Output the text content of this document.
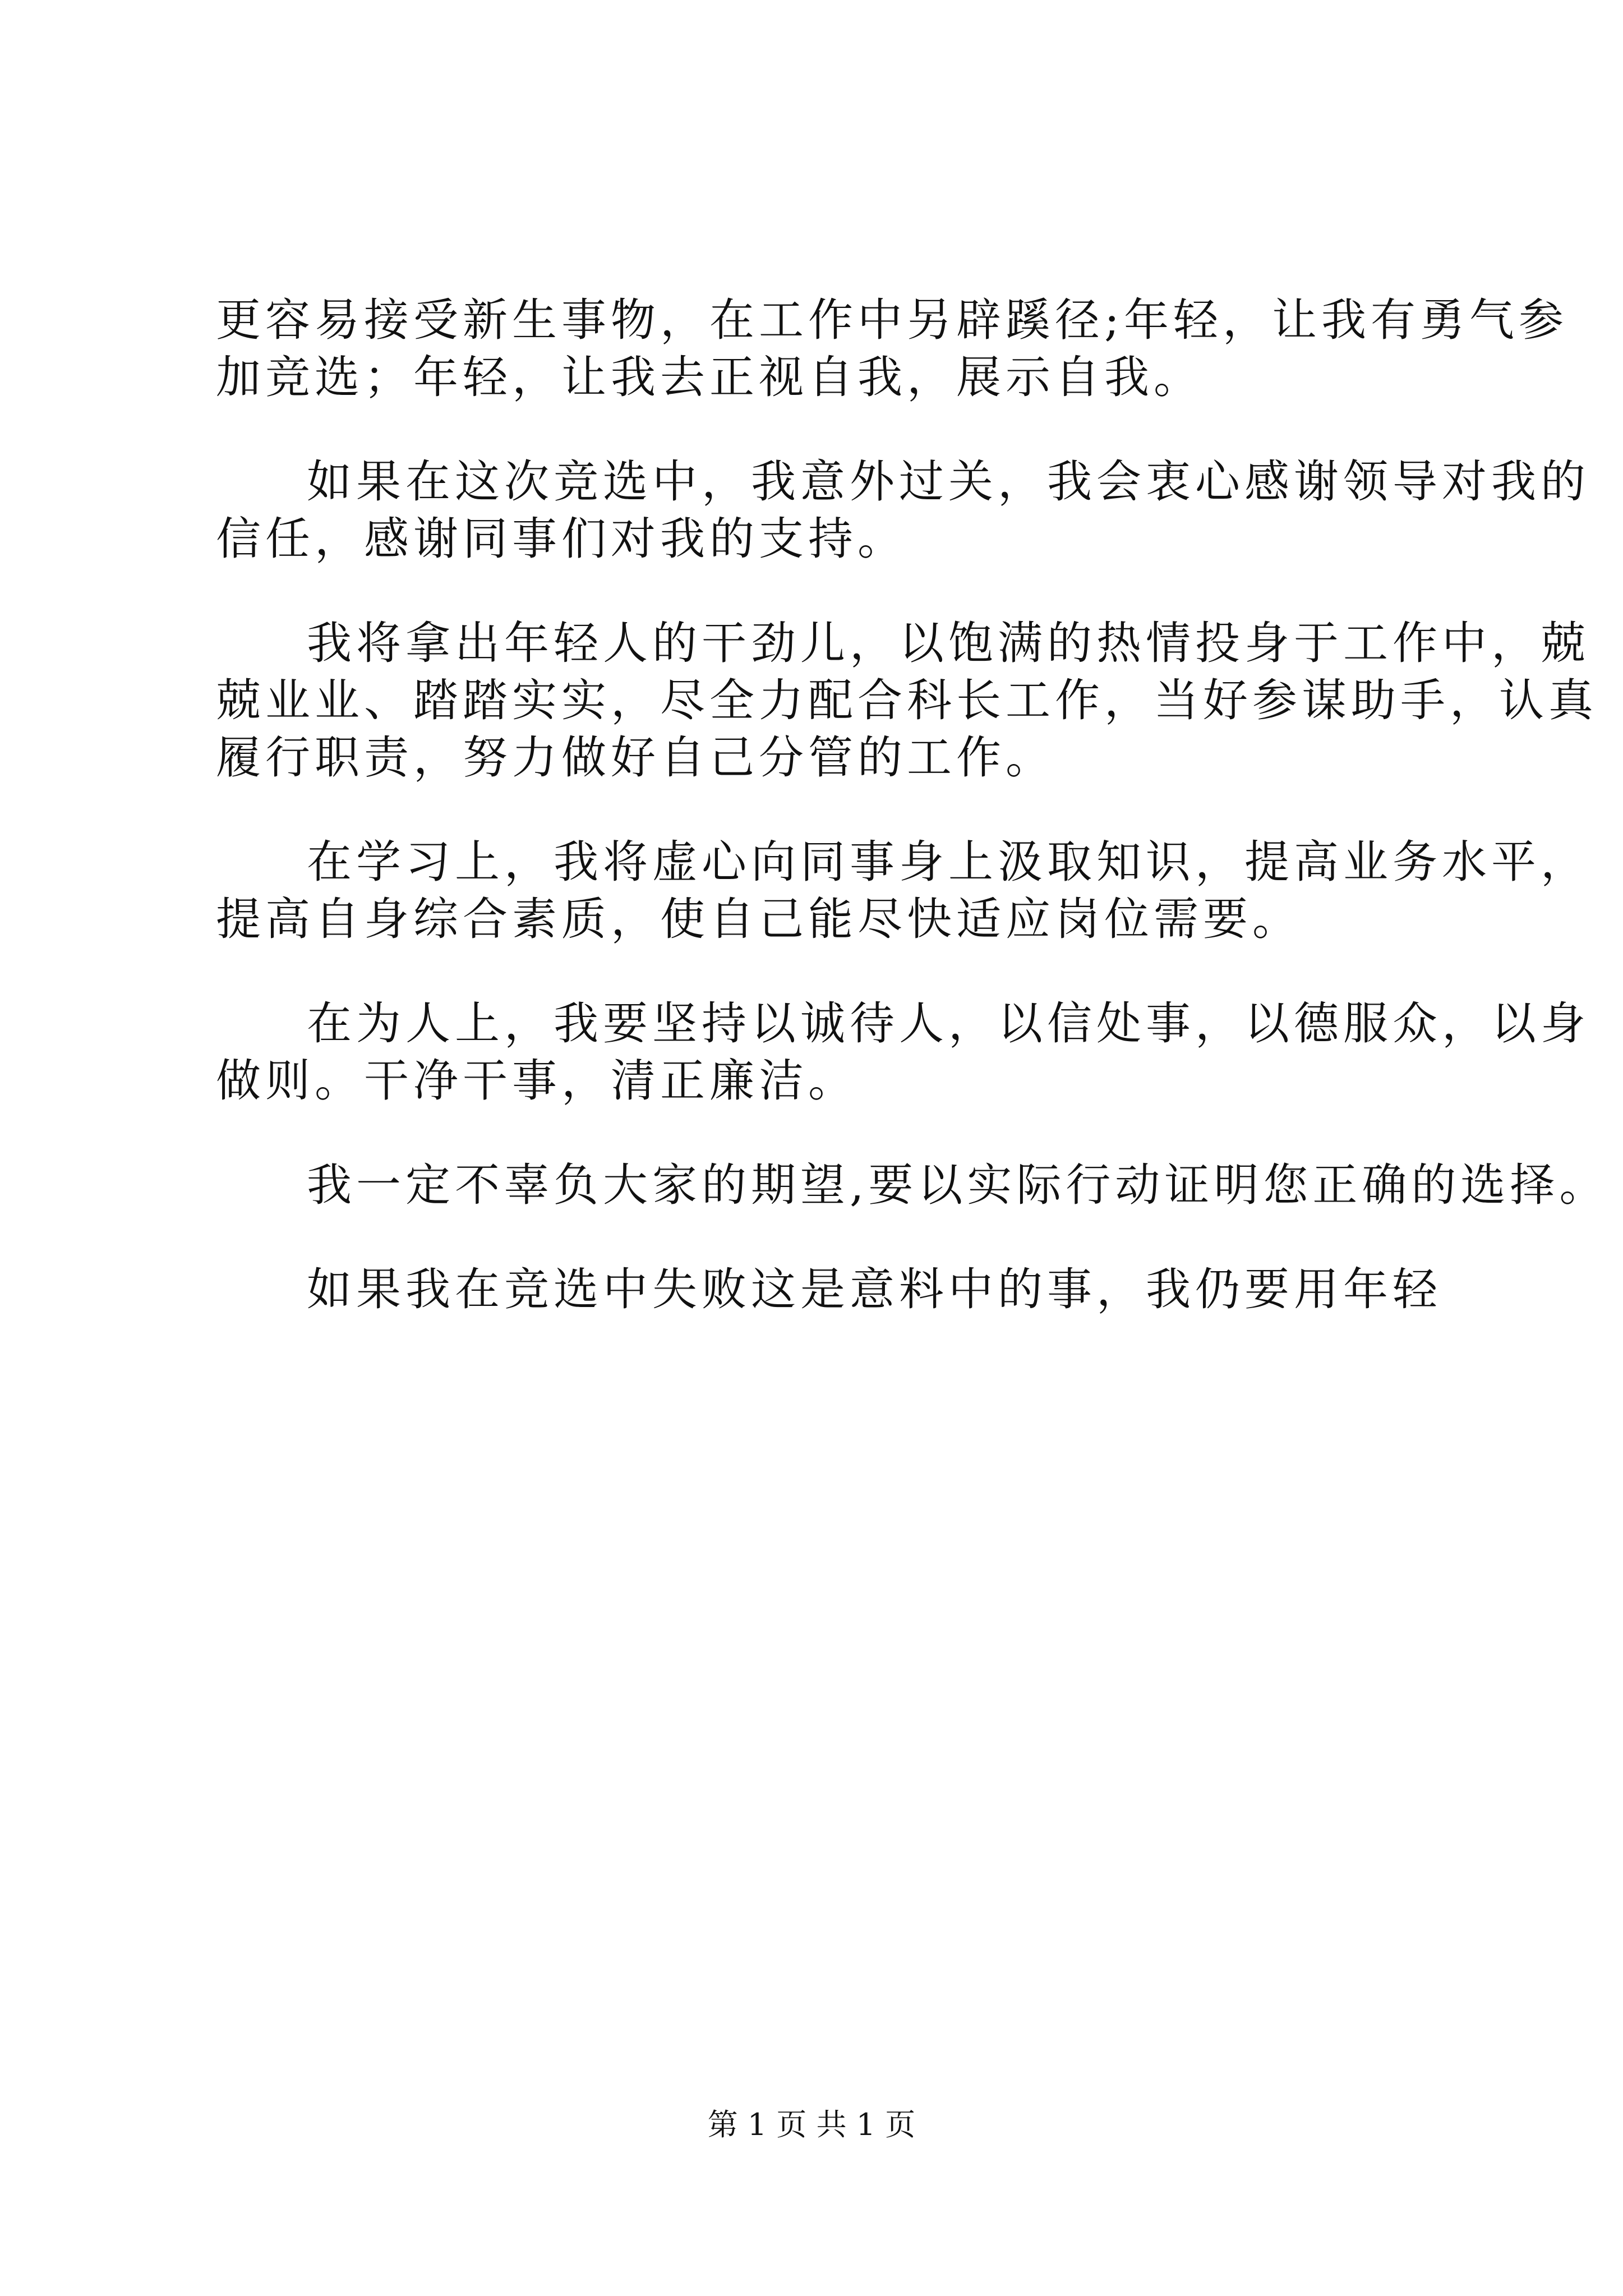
更容易接受新生事物，在工作中另辟蹊径;年轻，让我有勇气参
加竞选；年轻，让我去正视自我，展示自我。
如果在这次竞选中，我意外过关，我会衷心感谢领导对我的
信任，感谢同事们对我的支持。
我将拿出年轻人的干劲儿，以饱满的热情投身于工作中，兢
兢业业、踏踏实实，尽全力配合科长工作，当好参谋助手，认真
履行职责，努力做好自己分管的工作。
在学习上，我将虚心向同事身上汲取知识，提高业务水平，
提高自身综合素质，使自己能尽快适应岗位需要。
在为人上，我要坚持以诚待人，以信处事，以德服众，以身
做则。干净干事，清正廉洁。
我一定不辜负大家的期望,要以实际行动证明您正确的选择。
如果我在竞选中失败这是意料中的事，我仍要用年轻
第 1 页 共 1 页
